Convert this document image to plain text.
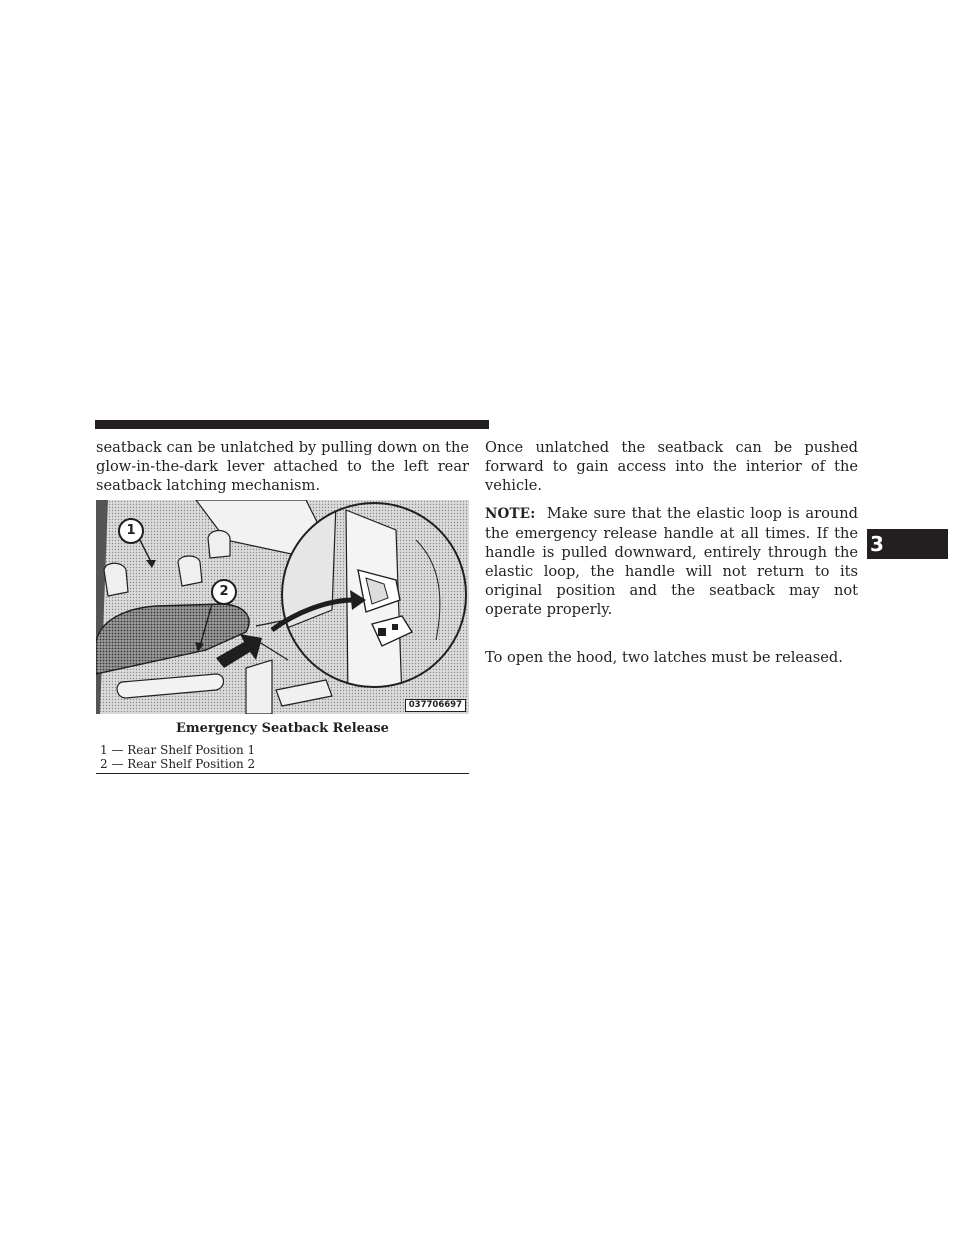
seatback can be unlatched by pulling down on the glow-in-the-dark lever attached to the left rear seatback latching mechanism.

1
2
037706697
Emergency Seatback Release
1 — Rear Shelf Position 1
2 — Rear Shelf Position 2

Once unlatched the seatback can be pushed forward to gain access into the interior of the vehicle.

NOTE: Make sure that the elastic loop is around the emergency release handle at all times. If the handle is pulled downward, entirely through the elastic loop, the handle will not return to its original position and the seatback may not operate properly.

To open the hood, two latches must be released.

3
